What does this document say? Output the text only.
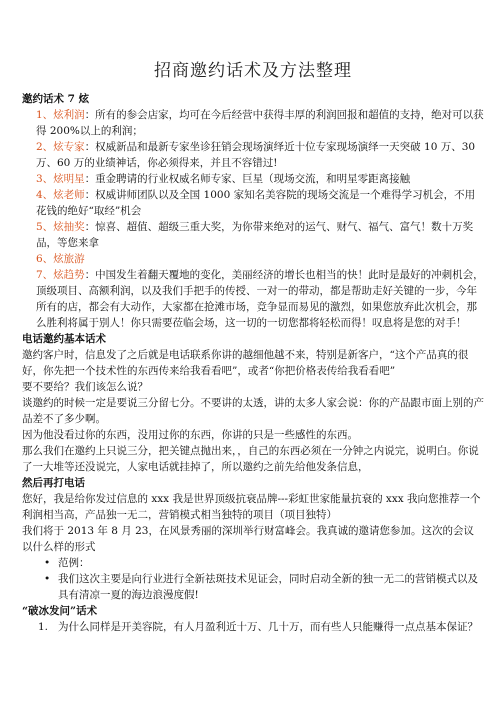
招商邀约话术及方法整理

邀约话术 7 炫

1、炫利润：所有的参会店家，均可在今后经营中获得丰厚的利润回报和超值的支持，绝对可以获得 200%以上的利润；

2、炫专家：权威新品和最新专家坐诊狂销会现场演绎近十位专家现场演绎一天突破 10 万、30 万、60 万的业绩神话，你必须得来，并且不容错过!

3、炫明星：重金聘请的行业权威名师专家、巨星（现场交流，和明星零距离接触

4、炫老师：权威讲师团队以及全国 1000 家知名美容院的现场交流是一个难得学习机会，不用花钱的绝好“取经”机会

5、炫抽奖：惊喜、超值、超级三重大奖，为你带来绝对的运气、财气、福气、富气！数十万奖品，等您来拿

6、炫旅游

7、炫趋势：中国发生着翻天覆地的变化，美丽经济的增长也相当的快！此时是最好的冲刺机会，顶级项目、高额利润，以及我们手把手的传授、一对一的带动，都是帮助走好关键的一步，今年所有的店，都会有大动作，大家都在抢滩市场，竞争显而易见的激烈，如果您放弃此次机会，那么胜利将属于别人！你只需要莅临会场，这一切的一切您都将轻松而得！叹息将是您的对手！

电话邀约基本话术

邀约客户时，信息发了之后就是电话联系你讲的越细他越不来，特别是新客户，“这个产品真的很好，你先把一个技术性的东西传来给我看看吧”，或者“你把价格表传给我看看吧”

要不要给？我们该怎么说？

谈邀约的时候一定是要说三分留七分。不要讲的太透，讲的太多人家会说：你的产品跟市面上别的产品差不了多少啊。

因为他没看过你的东西，没用过你的东西，你讲的只是一些感性的东西。

那么我们在邀约上只说三分，把关键点抛出来，，自己的东西必须在一分钟之内说完，说明白。你说了一大堆等还没说完，人家电话就挂掉了，所以邀约之前先给他发条信息，

然后再打电话

您好，我是给你发过信息的 xxx 我是世界顶级抗衰品牌---彩虹世家能量抗衰的 xxx 我向您推荐一个利润相当高，产品独一无二，营销模式相当独特的项目（项目独特）

我们将于 2013 年 8 月 23，在风景秀丽的深圳举行财富峰会。我真诚的邀请您参加。这次的会议以什么样的形式

• 范例：

• 我们这次主要是向行业进行全新祛斑技术见证会，同时启动全新的独一无二的营销模式以及具有清凉一夏的海边浪漫度假!

“破冰发问”话术

1. 为什么同样是开美容院，有人月盈利近十万、几十万，而有些人只能赚得一点点基本保证？
